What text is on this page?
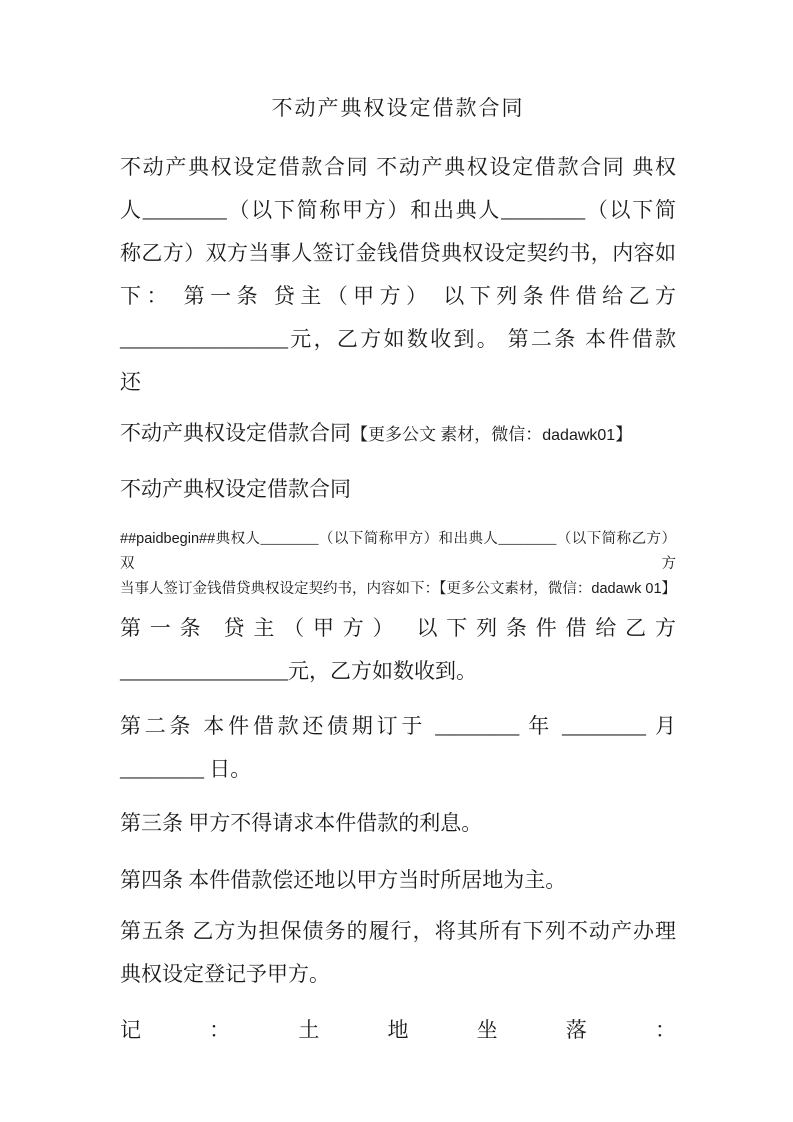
不动产典权设定借款合同
不动产典权设定借款合同 不动产典权设定借款合同 典权
人________（以下简称甲方）和出典人________（以下简
称乙方）双方当事人签订金钱借贷典权设定契约书，内容如
下： 第一条 贷主（甲方） 以下列条件借给乙方
________________元，乙方如数收到。 第二条 本件借款
还
不动产典权设定借款合同【更多公文 素材，微信：dadawk01】
不动产典权设定借款合同
##paidbegin##典权人________（以下简称甲方）和出典人________（以下简称乙方）双方
当事人签订金钱借贷典权设定契约书，内容如下：【更多公文素材，微信：dadawk 01】
第一条 贷主（甲方） 以下列条件借给乙方
________________元，乙方如数收到。
第二条 本件借款还债期订于 ________ 年 ________ 月
________ 日。
第三条 甲方不得请求本件借款的利息。
第四条 本件借款偿还地以甲方当时所居地为主。
第五条 乙方为担保债务的履行，将其所有下列不动产办理
典权设定登记予甲方。
记 ： 土 地 坐 落 ：
